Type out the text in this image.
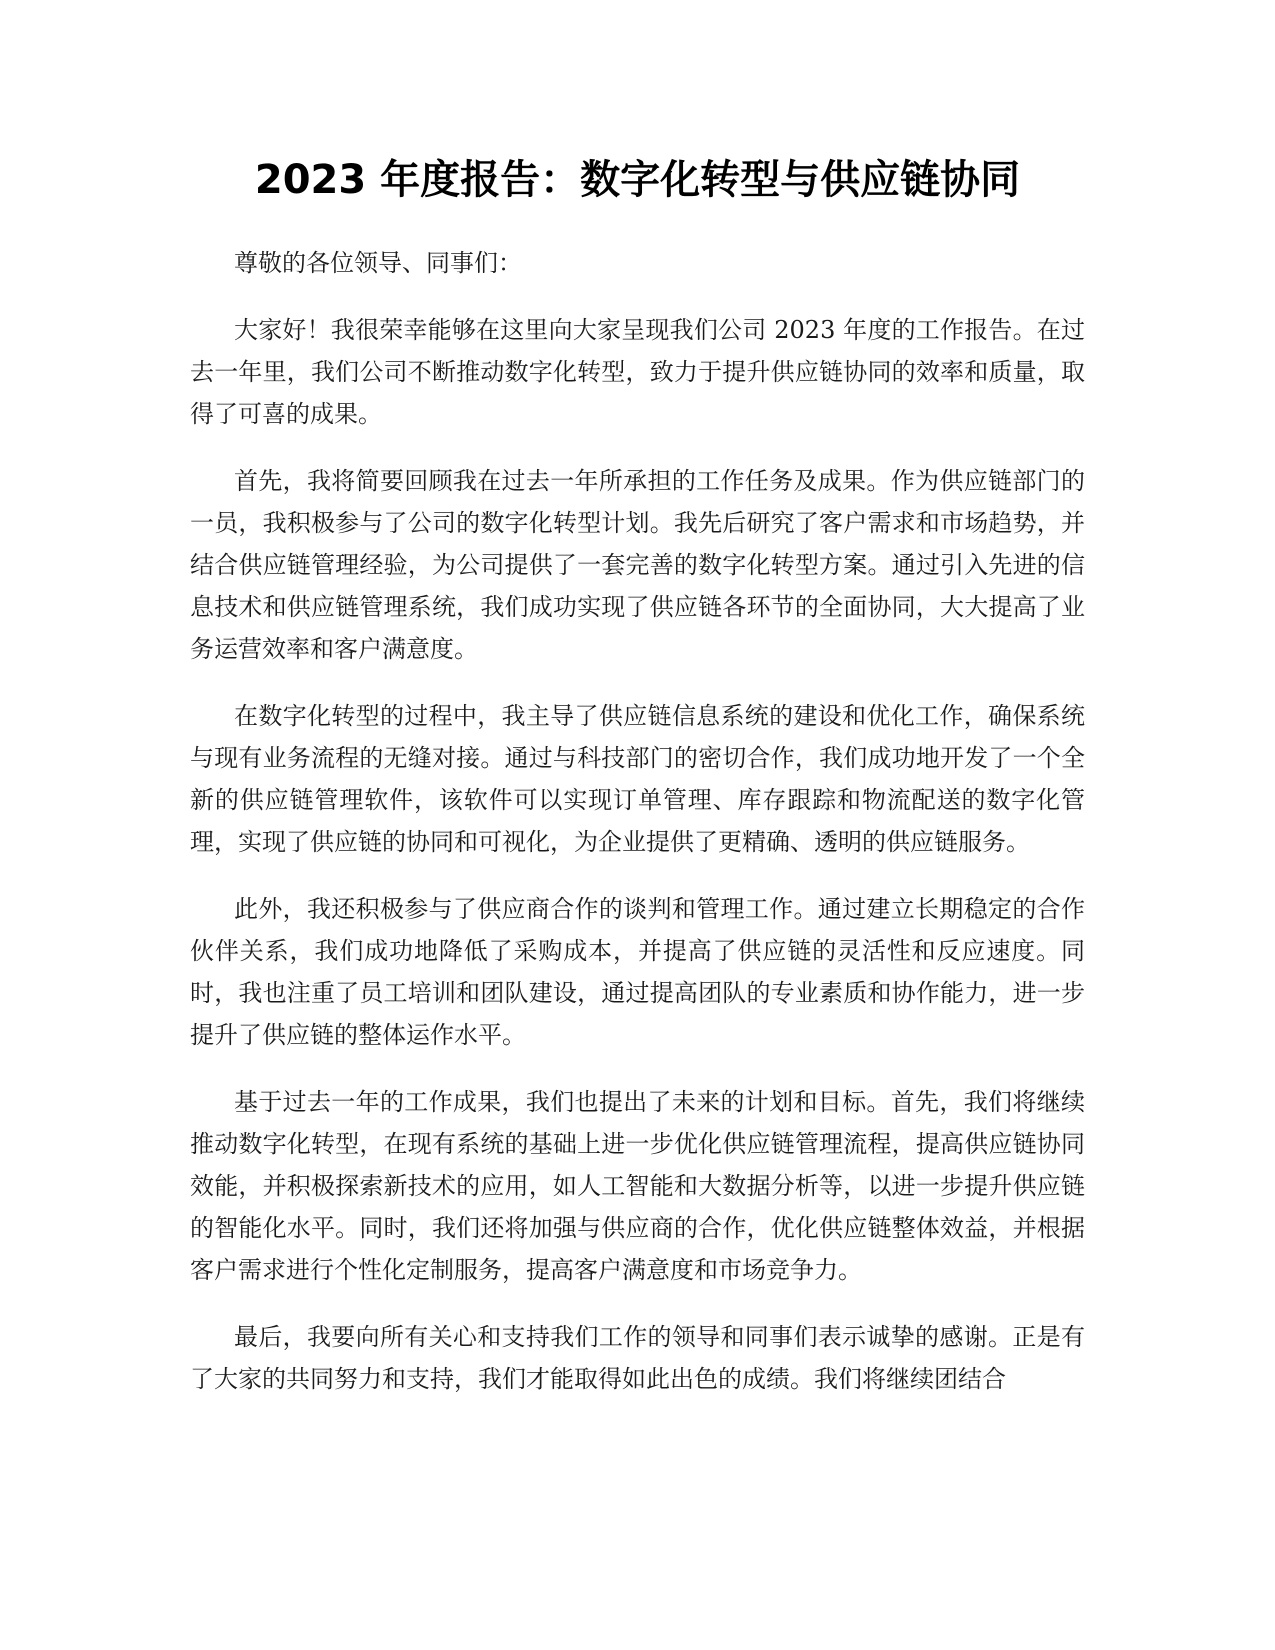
2023 年度报告：数字化转型与供应链协同

尊敬的各位领导、同事们：

大家好！我很荣幸能够在这里向大家呈现我们公司 2023 年度的工作报告。在过去一年里，我们公司不断推动数字化转型，致力于提升供应链协同的效率和质量，取得了可喜的成果。

首先，我将简要回顾我在过去一年所承担的工作任务及成果。作为供应链部门的一员，我积极参与了公司的数字化转型计划。我先后研究了客户需求和市场趋势，并结合供应链管理经验，为公司提供了一套完善的数字化转型方案。通过引入先进的信息技术和供应链管理系统，我们成功实现了供应链各环节的全面协同，大大提高了业务运营效率和客户满意度。

在数字化转型的过程中，我主导了供应链信息系统的建设和优化工作，确保系统与现有业务流程的无缝对接。通过与科技部门的密切合作，我们成功地开发了一个全新的供应链管理软件，该软件可以实现订单管理、库存跟踪和物流配送的数字化管理，实现了供应链的协同和可视化，为企业提供了更精确、透明的供应链服务。

此外，我还积极参与了供应商合作的谈判和管理工作。通过建立长期稳定的合作伙伴关系，我们成功地降低了采购成本，并提高了供应链的灵活性和反应速度。同时，我也注重了员工培训和团队建设，通过提高团队的专业素质和协作能力，进一步提升了供应链的整体运作水平。

基于过去一年的工作成果，我们也提出了未来的计划和目标。首先，我们将继续推动数字化转型，在现有系统的基础上进一步优化供应链管理流程，提高供应链协同效能，并积极探索新技术的应用，如人工智能和大数据分析等，以进一步提升供应链的智能化水平。同时，我们还将加强与供应商的合作，优化供应链整体效益，并根据客户需求进行个性化定制服务，提高客户满意度和市场竞争力。

最后，我要向所有关心和支持我们工作的领导和同事们表示诚挚的感谢。正是有了大家的共同努力和支持，我们才能取得如此出色的成绩。我们将继续团结合
